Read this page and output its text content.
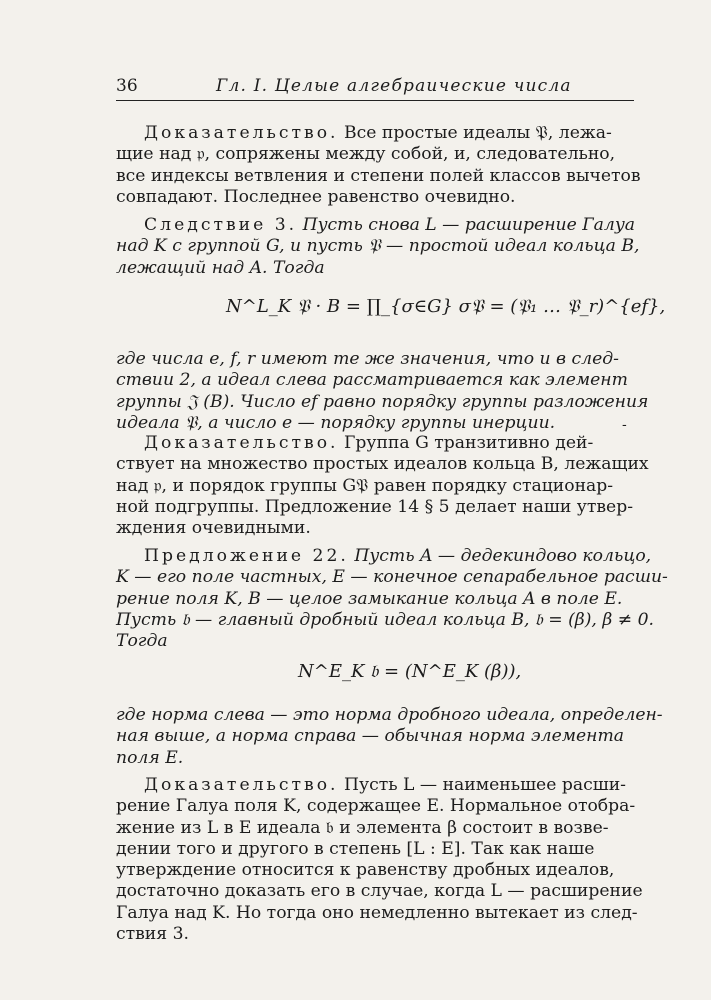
36	Гл. I. Целые алгебраические числа
Доказательство. Все простые идеалы 𝔓, лежа-
щие над 𝔭, сопряжены между собой, и, следовательно,
все индексы ветвления и степени полей классов вычетов
совпадают. Последнее равенство очевидно.
Следствие 3. Пусть снова L — расширение Галуа
над K с группой G, и пусть 𝔓 — простой идеал кольца B,
лежащий над A. Тогда
N^L_K 𝔓 · B = ∏_{σ∈G} σ𝔓 = (𝔓₁ … 𝔓_r)^{ef},
где числа e, f, r имеют те же значения, что и в след-
ствии 2, а идеал слева рассматривается как элемент
группы 𝔍 (B). Число ef равно порядку группы разложения
идеала 𝔓, а число e — порядку группы инерции.	-
Доказательство. Группа G транзитивно дей-
ствует на множество простых идеалов кольца B, лежащих
над 𝔭, и порядок группы G𝔓 равен порядку стационар-
ной подгруппы. Предложение 14 § 5 делает наши утвер-
ждения очевидными.
Предложение 22. Пусть A — дедекиндово кольцо,
K — его поле частных, E — конечное сепарабельное расши-
рение поля K, B — целое замыкание кольца A в поле E.
Пусть 𝔟 — главный дробный идеал кольца B, 𝔟 = (β), β ≠ 0.
Тогда
N^E_K 𝔟 = (N^E_K (β)),
где норма слева — это норма дробного идеала, определен-
ная выше, а норма справа — обычная норма элемента
поля E.
Доказательство. Пусть L — наименьшее расши-
рение Галуа поля K, содержащее E. Нормальное отобра-
жение из L в E идеала 𝔟 и элемента β состоит в возве-
дении того и другого в степень [L : E]. Так как наше
утверждение относится к равенству дробных идеалов,
достаточно доказать его в случае, когда L — расширение
Галуа над K. Но тогда оно немедленно вытекает из след-
ствия 3.
